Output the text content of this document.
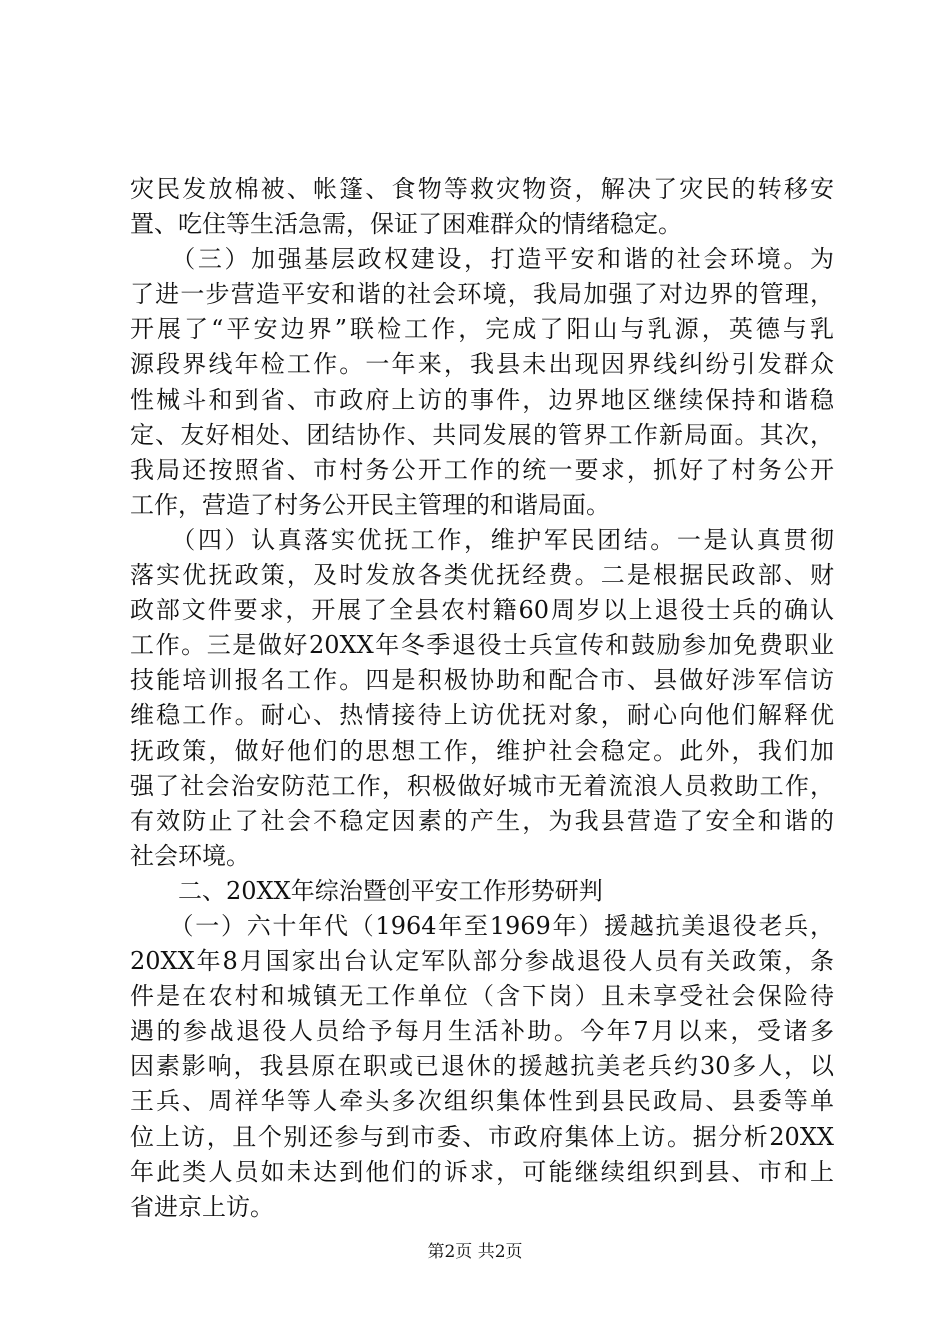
灾民发放棉被、帐篷、食物等救灾物资，解决了灾民的转移安
置、吃住等生活急需，保证了困难群众的情绪稳定。
　　（三）加强基层政权建设，打造平安和谐的社会环境。为
了进一步营造平安和谐的社会环境，我局加强了对边界的管理，
开展了“平安边界”联检工作，完成了阳山与乳源，英德与乳
源段界线年检工作。一年来，我县未出现因界线纠纷引发群众
性械斗和到省、市政府上访的事件，边界地区继续保持和谐稳
定、友好相处、团结协作、共同发展的管界工作新局面。其次，
我局还按照省、市村务公开工作的统一要求，抓好了村务公开
工作，营造了村务公开民主管理的和谐局面。
　　（四）认真落实优抚工作，维护军民团结。一是认真贯彻
落实优抚政策，及时发放各类优抚经费。二是根据民政部、财
政部文件要求，开展了全县农村籍60周岁以上退役士兵的确认
工作。三是做好20XX年冬季退役士兵宣传和鼓励参加免费职业
技能培训报名工作。四是积极协助和配合市、县做好涉军信访
维稳工作。耐心、热情接待上访优抚对象，耐心向他们解释优
抚政策，做好他们的思想工作，维护社会稳定。此外，我们加
强了社会治安防范工作，积极做好城市无着流浪人员救助工作，
有效防止了社会不稳定因素的产生，为我县营造了安全和谐的
社会环境。
　　二、20XX年综治暨创平安工作形势研判
　　（一）六十年代（1964年至1969年）援越抗美退役老兵，
20XX年8月国家出台认定军队部分参战退役人员有关政策，条
件是在农村和城镇无工作单位（含下岗）且未享受社会保险待
遇的参战退役人员给予每月生活补助。今年7月以来，受诸多
因素影响，我县原在职或已退休的援越抗美老兵约30多人，以
王兵、周祥华等人牵头多次组织集体性到县民政局、县委等单
位上访，且个别还参与到市委、市政府集体上访。据分析20XX
年此类人员如未达到他们的诉求，可能继续组织到县、市和上
省进京上访。
第2页 共2页
